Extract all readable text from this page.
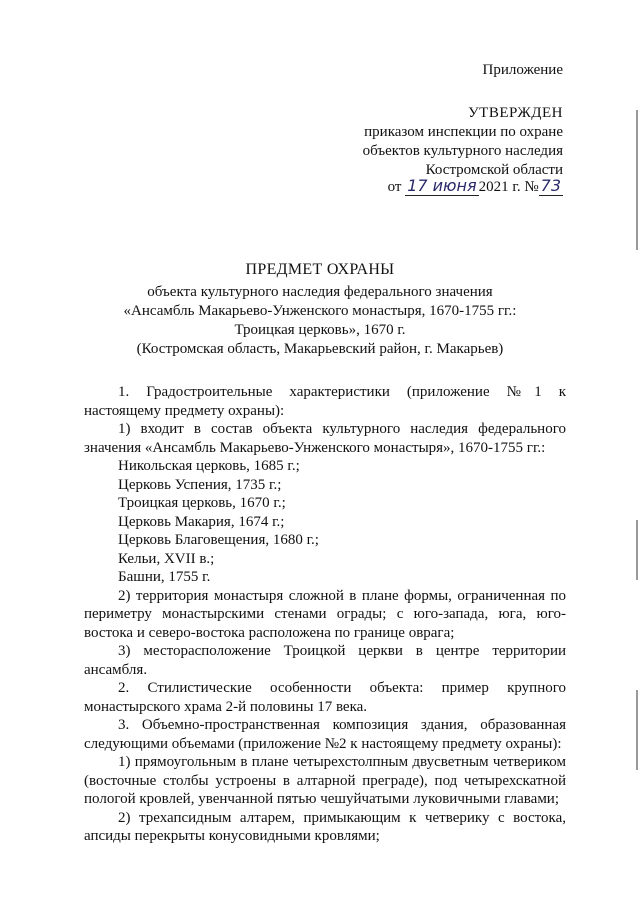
Приложение
УТВЕРЖДЕН
приказом инспекции по охране
объектов культурного наследия
Костромской области
от 17 июня 2021 г. № 73
ПРЕДМЕТ ОХРАНЫ
объекта культурного наследия федерального значения
«Ансамбль Макарьево-Унженского монастыря, 1670-1755 гг.:
Троицкая церковь», 1670 г.
(Костромская область, Макарьевский район, г. Макарьев)

1. Градостроительные характеристики (приложение №1 к настоящему предмету охраны):

1) входит в состав объекта культурного наследия федерального значения «Ансамбль Макарьево-Унженского монастыря», 1670-1755 гг.:

Никольская церковь, 1685 г.;

Церковь Успения, 1735 г.;

Троицкая церковь, 1670 г.;

Церковь Макария, 1674 г.;

Церковь Благовещения, 1680 г.;

Кельи, XVII в.;

Башни, 1755 г.

2) территория монастыря сложной в плане формы, ограниченная по периметру монастырскими стенами ограды; с юго-запада, юга, юго-востока и северо-востока расположена по границе оврага;

3) месторасположение Троицкой церкви в центре территории ансамбля.

2. Стилистические особенности объекта: пример крупного монастырского храма 2-й половины 17 века.

3. Объемно-пространственная композиция здания, образованная следующими объемами (приложение №2 к настоящему предмету охраны):

1) прямоугольным в плане четырехстолпным двусветным четвериком (восточные столбы устроены в алтарной преграде), под четырехскатной пологой кровлей, увенчанной пятью чешуйчатыми луковичными главами;

2) трехапсидным алтарем, примыкающим к четверику с востока, апсиды перекрыты конусовидными кровлями;
